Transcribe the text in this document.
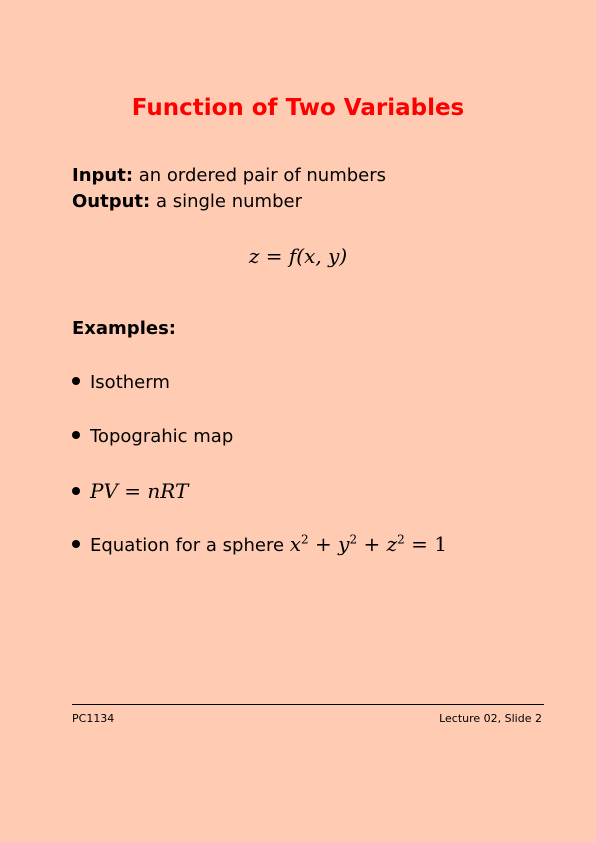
Function of Two Variables
Input: an ordered pair of numbers
Output: a single number
z = f(x, y)
Examples:
Isotherm
Topograhic map
PV = nRT
Equation for a sphere $x^2 + y^2 + z^2 = 1$
PC1134	Lecture 02, Slide 2
